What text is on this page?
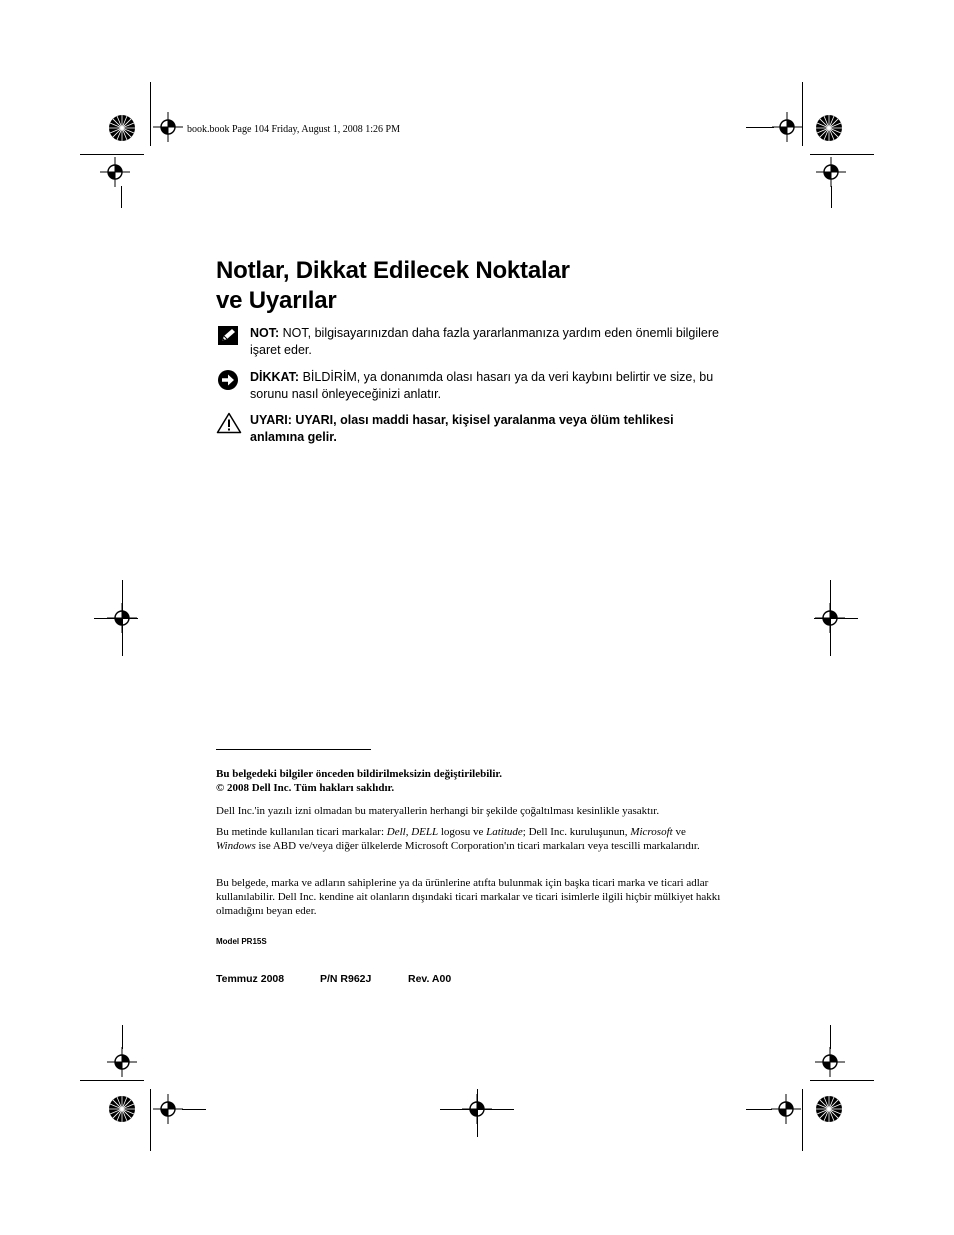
book.book Page 104 Friday, August 1, 2008 1:26 PM
Notlar, Dikkat Edilecek Noktalar
ve Uyarılar
NOT: NOT, bilgisayarınızdan daha fazla yararlanmanıza yardım eden önemli bilgilere işaret eder.
DİKKAT: BİLDİRİM, ya donanımda olası hasarı ya da veri kaybını belirtir ve size, bu sorunu nasıl önleyeceğinizi anlatır.
UYARI: UYARI, olası maddi hasar, kişisel yaralanma veya ölüm tehlikesi anlamına gelir.

Bu belgedeki bilgiler önceden bildirilmeksizin değiştirilebilir.

© 2008 Dell Inc. Tüm hakları saklıdır.

Dell Inc.'in yazılı izni olmadan bu materyallerin herhangi bir şekilde çoğaltılması kesinlikle yasaktır.

Bu metinde kullanılan ticari markalar: Dell, DELL logosu ve Latitude; Dell Inc. kuruluşunun, Microsoft ve Windows ise ABD ve/veya diğer ülkelerde Microsoft Corporation'ın ticari markaları veya tescilli markalarıdır.

Bu belgede, marka ve adların sahiplerine ya da ürünlerine atıfta bulunmak için başka ticari marka ve ticari adlar kullanılabilir. Dell Inc. kendine ait olanların dışındaki ticari markalar ve ticari isimlerle ilgili hiçbir mülkiyet hakkı olmadığını beyan eder.

Model PR15S
Temmuz 2008	P/N R962J	Rev. A00
